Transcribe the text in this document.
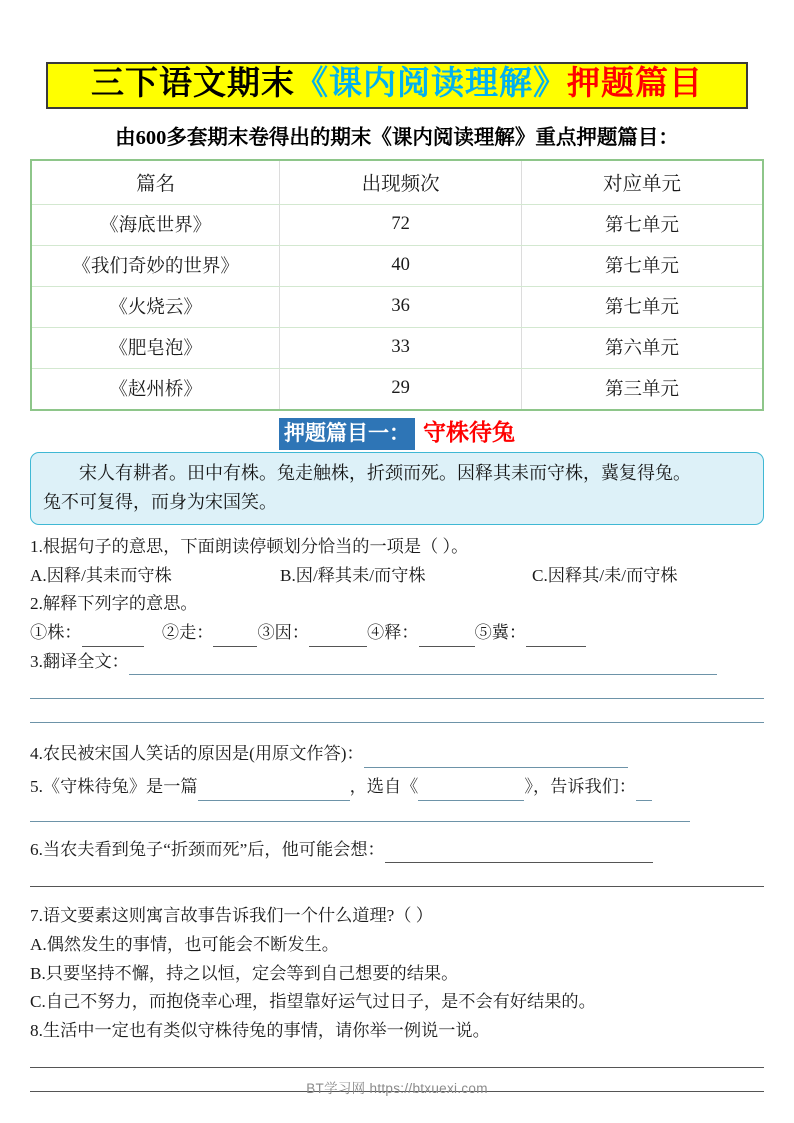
三下语文期末《课内阅读理解》押题篇目
由600多套期末卷得出的期末《课内阅读理解》重点押题篇目：
篇名	出现频次	对应单元
《海底世界》	72	第七单元
《我们奇妙的世界》	40	第七单元
《火烧云》	36	第七单元
《肥皂泡》	33	第六单元
《赵州桥》	29	第三单元
押题篇目一： 守株待兔

宋人有耕者。田中有株。兔走触株，折颈而死。因释其耒而守株，冀复得兔。

兔不可复得，而身为宋国笑。

1.根据句子的意思，下面朗读停顿划分恰当的一项是（ ）。
A.因释/其耒而守株	B.因/释其耒/而守株	C.因释其/耒/而守株
2.解释下列字的意思。
①株：	②走：	③因：	④释：	⑤冀：
3.翻译全文：
4.农民被宋国人笑话的原因是(用原文作答)：
5.《守株待兔》是一篇	，选自《	》，告诉我们：
6.当农夫看到兔子“折颈而死”后，他可能会想：
7.语文要素这则寓言故事告诉我们一个什么道理?（ ）
A.偶然发生的事情，也可能会不断发生。
B.只要坚持不懈，持之以恒，定会等到自己想要的结果。
C.自己不努力，而抱侥幸心理，指望靠好运气过日子，是不会有好结果的。
8.生活中一定也有类似守株待兔的事情，请你举一例说一说。
BT学习网 https://btxuexi.com
